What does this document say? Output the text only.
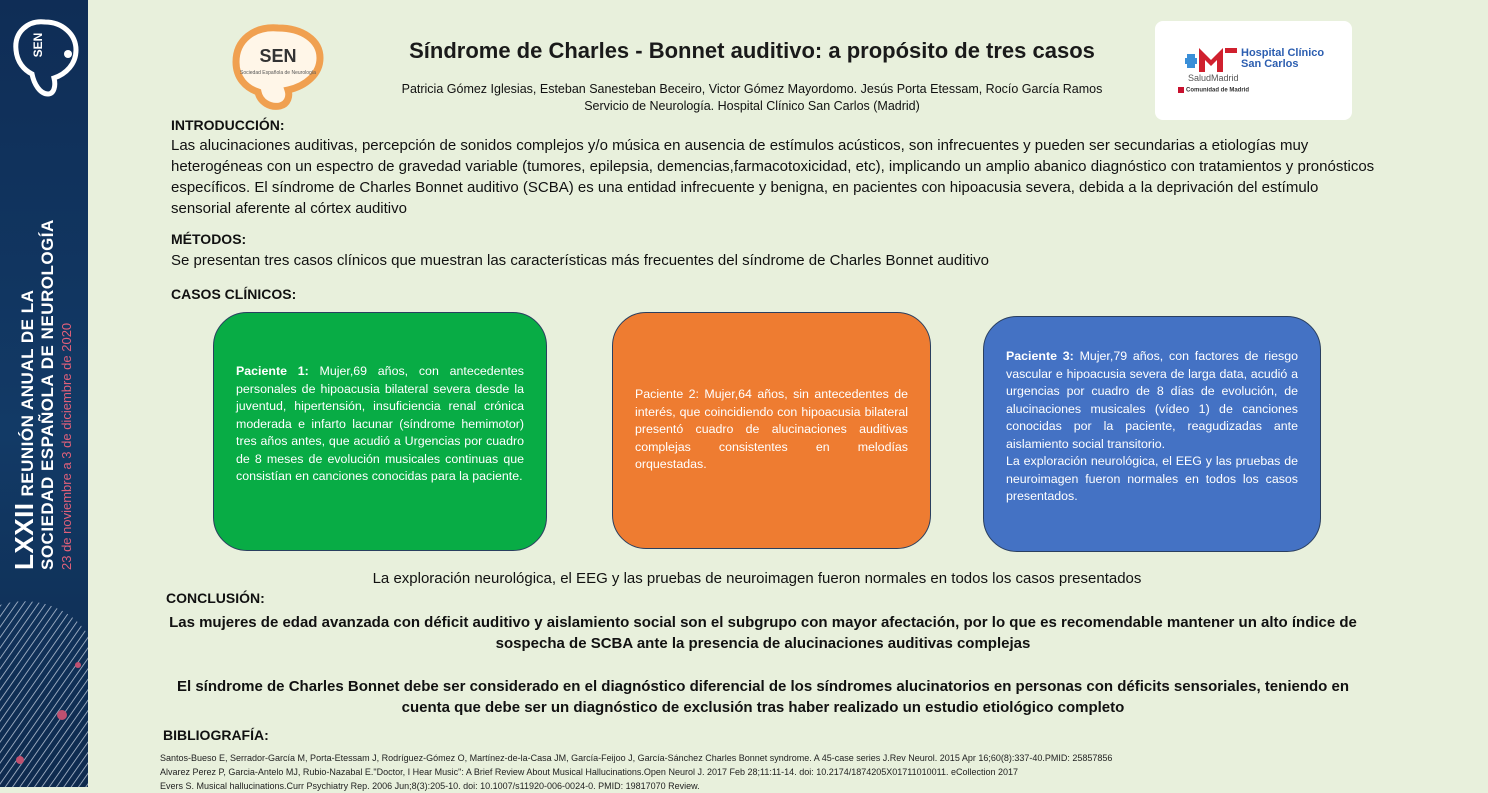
SEN
LXXIIREUNIÓN ANUAL DE LA SOCIEDAD ESPAÑOLA DE NEUROLOGÍA 23 de noviembre a 3 de diciembre de 2020
SEN
Sociedad Española de Neurología
Síndrome de Charles - Bonnet auditivo: a propósito de tres casos
Patricia Gómez Iglesias, Esteban Sanesteban Beceiro, Victor Gómez Mayordomo. Jesús Porta Etessam, Rocío García Ramos
Servicio de Neurología. Hospital Clínico San Carlos (Madrid)
Hospital Clínico
San Carlos
SaludMadrid
Comunidad de Madrid
INTRODUCCIÓN:
Las alucinaciones auditivas, percepción de sonidos complejos y/o música en ausencia de estímulos acústicos, son infrecuentes y pueden ser secundarias a etiologías muy heterogéneas con un espectro de gravedad variable (tumores, epilepsia, demencias,farmacotoxicidad, etc), implicando un amplio abanico diagnóstico con tratamientos y pronósticos específicos. El síndrome de Charles Bonnet auditivo (SCBA) es una entidad infrecuente y benigna, en pacientes con hipoacusia severa, debida a la deprivación del estímulo sensorial aferente al córtex auditivo
MÉTODOS:
Se presentan tres casos clínicos que muestran las características más frecuentes del síndrome de Charles Bonnet auditivo
CASOS CLÍNICOS:
Paciente 1: Mujer,69 años, con antecedentes personales de hipoacusia bilateral severa desde la juventud, hipertensión, insuficiencia renal crónica moderada e infarto lacunar (síndrome hemimotor) tres años antes, que acudió a Urgencias por cuadro de 8 meses de evolución musicales continuas que consistían en canciones conocidas para la paciente.
Paciente 2: Mujer,64 años, sin antecedentes de interés, que coincidiendo con hipoacusia bilateral presentó cuadro de alucinaciones auditivas complejas consistentes en melodías orquestadas.
Paciente 3: Mujer,79 años, con factores de riesgo vascular e hipoacusia severa de larga data, acudió a urgencias por cuadro de 8 días de evolución, de alucinaciones musicales (vídeo 1) de canciones conocidas por la paciente, reagudizadas ante aislamiento social transitorio.
La exploración neurológica, el EEG y las pruebas de neuroimagen fueron normales en todos los casos presentados.
La exploración neurológica, el EEG y las pruebas de neuroimagen fueron normales en todos los casos presentados
CONCLUSIÓN:
Las mujeres de edad avanzada con déficit auditivo y aislamiento social son el subgrupo con mayor afectación, por lo que es recomendable mantener un alto índice de sospecha de SCBA ante la presencia de alucinaciones auditivas complejas
El síndrome de Charles Bonnet debe ser considerado en el diagnóstico diferencial de los síndromes alucinatorios en personas con déficits sensoriales, teniendo en cuenta que debe ser un diagnóstico de exclusión tras haber realizado un estudio etiológico completo
BIBLIOGRAFÍA:
Santos-Bueso E, Serrador-García M, Porta-Etessam J, Rodríguez-Gómez O, Martínez-de-la-Casa JM, García-Feijoo J, García-Sánchez Charles Bonnet syndrome. A 45-case series J.Rev Neurol. 2015 Apr 16;60(8):337-40.PMID: 25857856
Alvarez Perez P, Garcia-Antelo MJ, Rubio-Nazabal E."Doctor, I Hear Music": A Brief Review About Musical Hallucinations.Open Neurol J. 2017 Feb 28;11:11-14. doi: 10.2174/1874205X01711010011. eCollection 2017
Evers S. Musical hallucinations.Curr Psychiatry Rep. 2006 Jun;8(3):205-10. doi: 10.1007/s11920-006-0024-0. PMID: 19817070 Review.
